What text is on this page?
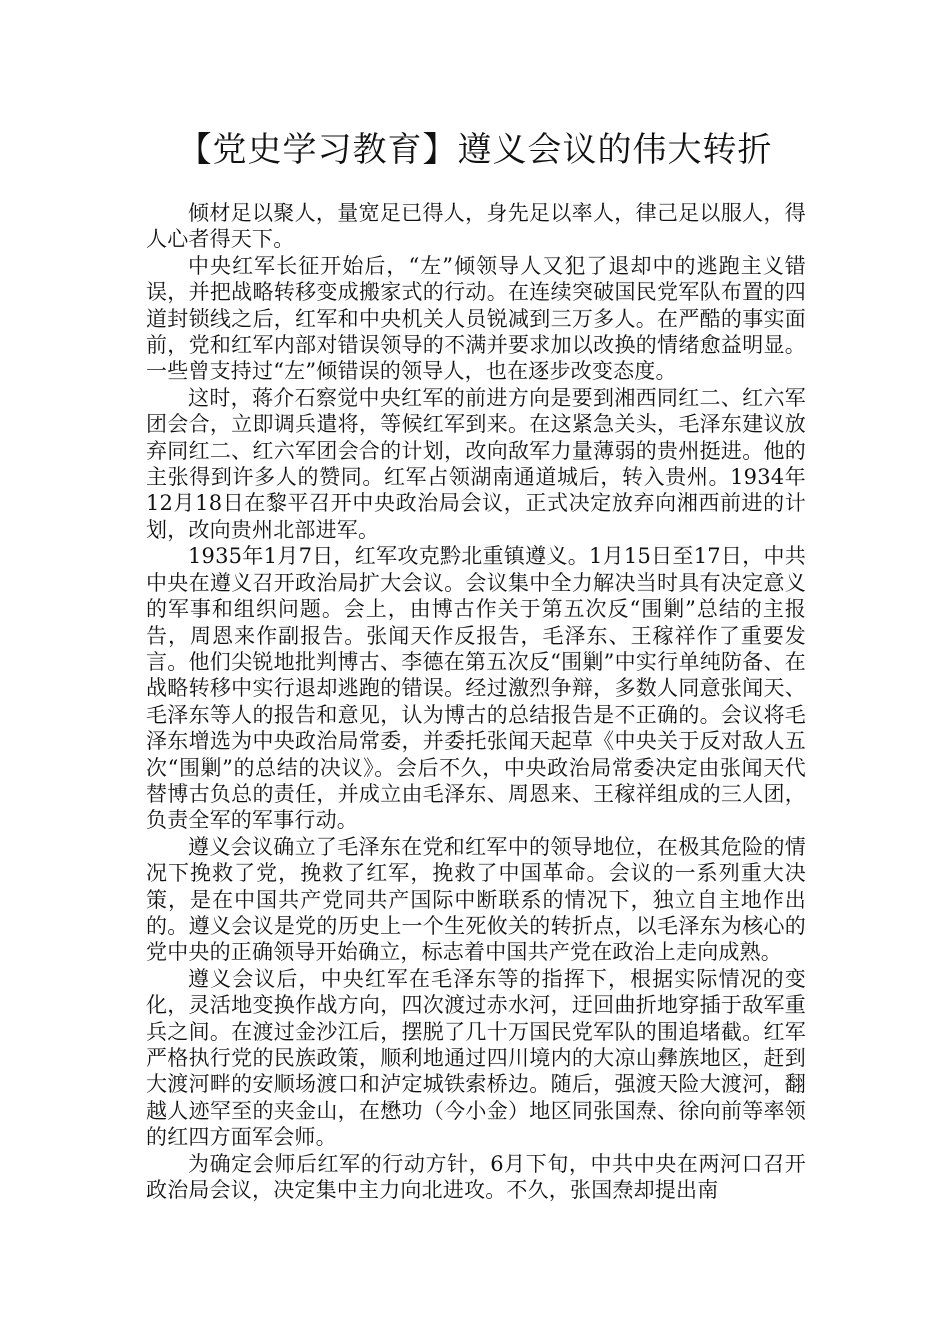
【党史学习教育】遵义会议的伟大转折

倾材足以聚人，量宽足已得人，身先足以率人，律己足以服人，得人心者得天下。

中央红军长征开始后，“左”倾领导人又犯了退却中的逃跑主义错误，并把战略转移变成搬家式的行动。在连续突破国民党军队布置的四道封锁线之后，红军和中央机关人员锐减到三万多人。在严酷的事实面前，党和红军内部对错误领导的不满并要求加以改换的情绪愈益明显。一些曾支持过“左”倾错误的领导人，也在逐步改变态度。

这时，蒋介石察觉中央红军的前进方向是要到湘西同红二、红六军团会合，立即调兵遣将，等候红军到来。在这紧急关头，毛泽东建议放弃同红二、红六军团会合的计划，改向敌军力量薄弱的贵州挺进。他的主张得到许多人的赞同。红军占领湖南通道城后，转入贵州。1934年12月18日在黎平召开中央政治局会议，正式决定放弃向湘西前进的计划，改向贵州北部进军。

1935年1月7日，红军攻克黔北重镇遵义。1月15日至17日，中共中央在遵义召开政治局扩大会议。会议集中全力解决当时具有决定意义的军事和组织问题。会上，由博古作关于第五次反“围剿”总结的主报告，周恩来作副报告。张闻天作反报告，毛泽东、王稼祥作了重要发言。他们尖锐地批判博古、李德在第五次反“围剿”中实行单纯防备、在战略转移中实行退却逃跑的错误。经过激烈争辩，多数人同意张闻天、毛泽东等人的报告和意见，认为博古的总结报告是不正确的。会议将毛泽东增选为中央政治局常委，并委托张闻天起草《中央关于反对敌人五次“围剿”的总结的决议》。会后不久，中央政治局常委决定由张闻天代替博古负总的责任，并成立由毛泽东、周恩来、王稼祥组成的三人团，负责全军的军事行动。

遵义会议确立了毛泽东在党和红军中的领导地位，在极其危险的情况下挽救了党，挽救了红军，挽救了中国革命。会议的一系列重大决策，是在中国共产党同共产国际中断联系的情况下，独立自主地作出的。遵义会议是党的历史上一个生死攸关的转折点，以毛泽东为核心的党中央的正确领导开始确立，标志着中国共产党在政治上走向成熟。

遵义会议后，中央红军在毛泽东等的指挥下，根据实际情况的变化，灵活地变换作战方向，四次渡过赤水河，迂回曲折地穿插于敌军重兵之间。在渡过金沙江后，摆脱了几十万国民党军队的围追堵截。红军严格执行党的民族政策，顺利地通过四川境内的大凉山彝族地区，赶到大渡河畔的安顺场渡口和泸定城铁索桥边。随后，强渡天险大渡河，翻越人迹罕至的夹金山，在懋功（今小金）地区同张国焘、徐向前等率领的红四方面军会师。

为确定会师后红军的行动方针，6月下旬，中共中央在两河口召开政治局会议，决定集中主力向北进攻。不久，张国焘却提出南
